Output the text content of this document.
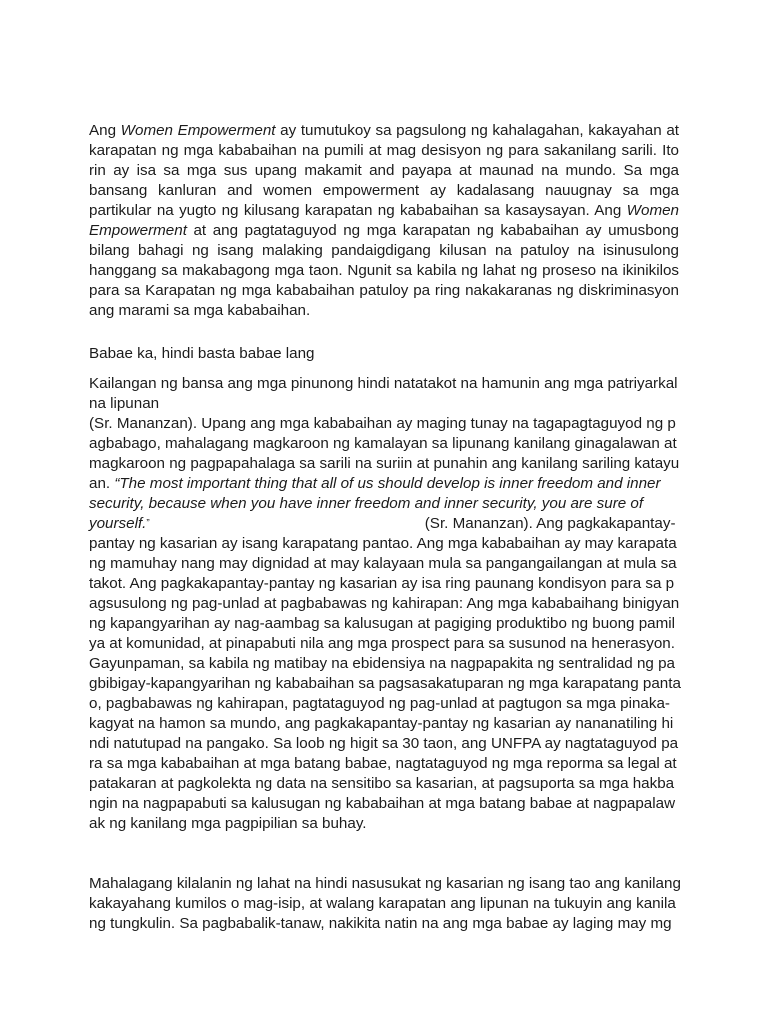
Ang Women Empowerment ay tumutukoy sa pagsulong ng kahalagahan, kakayahan at karapatan ng mga kababaihan na pumili at mag desisyon ng para sakanilang sarili. Ito rin ay isa sa mga sus upang makamit and payapa at maunad na mundo. Sa mga bansang kanluran and women empowerment ay kadalasang nauugnay sa mga partikular na yugto ng kilusang karapatan ng kababaihan sa kasaysayan. Ang Women Empowerment at ang pagtataguyod ng mga karapatan ng kababaihan ay umusbong bilang bahagi ng isang malaking pandaigdigang kilusan na patuloy na isinusulong hanggang sa makabagong mga taon. Ngunit sa kabila ng lahat ng proseso na ikinikilos para sa Karapatan ng mga kababaihan patuloy pa ring nakakaranas ng diskriminasyon ang marami sa mga kababaihan.

Babae ka, hindi basta babae lang

Kailangan ng bansa ang mga pinunong hindi natatakot na hamunin ang mga patriyarkal
na lipunan
(Sr. Mananzan). Upang ang mga kababaihan ay maging tunay na tagapagtaguyod ng p
agbabago, mahalagang magkaroon ng kamalayan sa lipunang kanilang ginagalawan at
magkaroon ng pagpapahalaga sa sarili na suriin at punahin ang kanilang sariling katayu
an. “The most important thing that all of us should develop is inner freedom and inner
security, because when you have inner freedom and inner security, you are sure of
yourself.”	(Sr. Mananzan). Ang pagkakapantay-
pantay ng kasarian ay isang karapatang pantao. Ang mga kababaihan ay may karapata
ng mamuhay nang may dignidad at may kalayaan mula sa pangangailangan at mula sa
takot. Ang pagkakapantay-pantay ng kasarian ay isa ring paunang kondisyon para sa p
agsusulong ng pag-unlad at pagbabawas ng kahirapan: Ang mga kababaihang binigyan
ng kapangyarihan ay nag-aambag sa kalusugan at pagiging produktibo ng buong pamil
ya at komunidad, at pinapabuti nila ang mga prospect para sa susunod na henerasyon.
Gayunpaman, sa kabila ng matibay na ebidensiya na nagpapakita ng sentralidad ng pa
gbibigay-kapangyarihan ng kababaihan sa pagsasakatuparan ng mga karapatang panta
o, pagbabawas ng kahirapan, pagtataguyod ng pag-unlad at pagtugon sa mga pinaka-
kagyat na hamon sa mundo, ang pagkakapantay-pantay ng kasarian ay nananatiling hi
ndi natutupad na pangako. Sa loob ng higit sa 30 taon, ang UNFPA ay nagtataguyod pa
ra sa mga kababaihan at mga batang babae, nagtataguyod ng mga reporma sa legal at
patakaran at pagkolekta ng data na sensitibo sa kasarian, at pagsuporta sa mga hakba
ngin na nagpapabuti sa kalusugan ng kababaihan at mga batang babae at nagpapalaw
ak ng kanilang mga pagpipilian sa buhay.
Mahalagang kilalanin ng lahat na hindi nasusukat ng kasarian ng isang tao ang kanilang
kakayahang kumilos o mag-isip, at walang karapatan ang lipunan na tukuyin ang kanila
ng tungkulin. Sa pagbabalik-tanaw, nakikita natin na ang mga babae ay laging may mg
